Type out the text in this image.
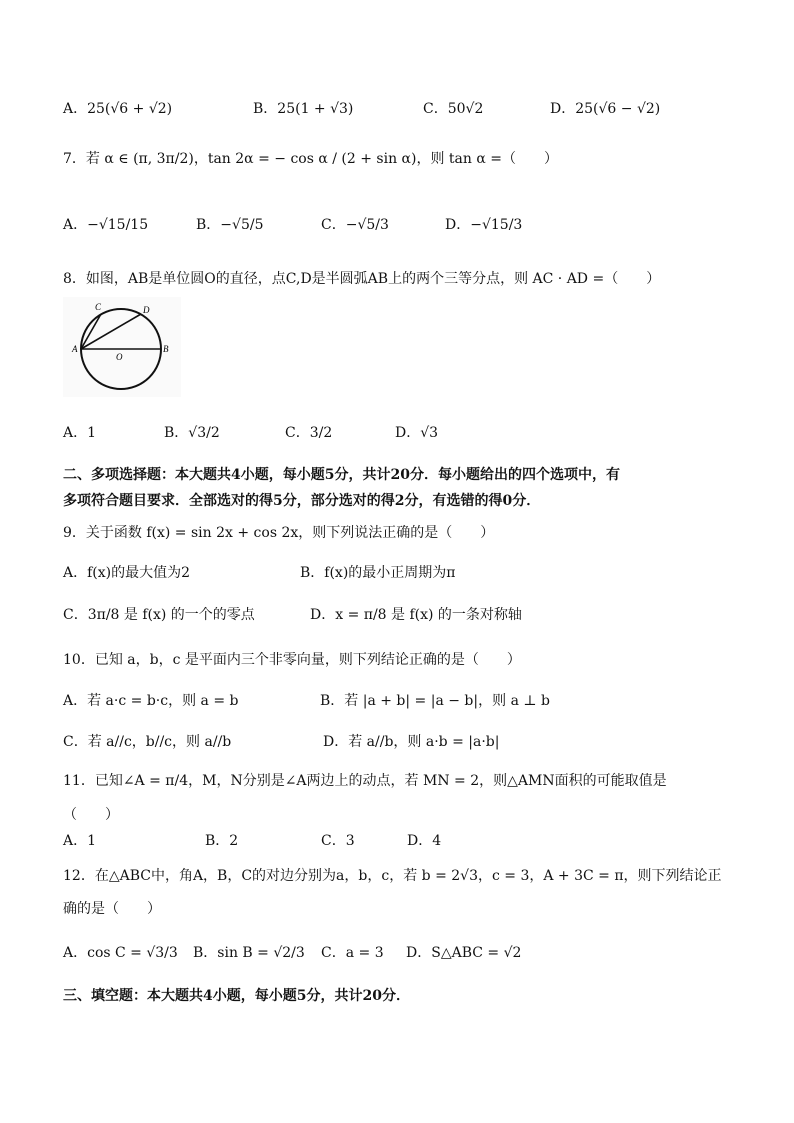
A．25(√6 + √2)	B．25(1 + √3)	C．50√2	D．25(√6 − √2)
7．若 α ∈ (π, 3π/2)，tan 2α = − cos α / (2 + sin α)，则 tan α =（　　）
A．−√15/15	B．−√5/5	C．−√5/3	D．−√15/3
8．如图，AB是单位圆O的直径，点C,D是半圆弧AB上的两个三等分点，则 AC · AD =（　　）
C	D
A
O
B
A．1	B．√3/2	C．3/2	D．√3
二、多项选择题：本大题共4小题，每小题5分，共计20分．每小题给出的四个选项中，有
多项符合题目要求．全部选对的得5分，部分选对的得2分，有选错的得0分．
9．关于函数 f(x) = sin 2x + cos 2x，则下列说法正确的是（　　）
A．f(x)的最大值为2	B．f(x)的最小正周期为π
C．3π/8 是 f(x) 的一个的零点	D．x = π/8 是 f(x) 的一条对称轴
10．已知 a，b，c 是平面内三个非零向量，则下列结论正确的是（　　）
A．若 a·c = b·c，则 a = b	B．若 |a + b| = |a − b|，则 a ⊥ b
C．若 a//c，b//c，则 a//b	D．若 a//b，则 a·b = |a·b|
11．已知∠A = π/4，M，N分别是∠A两边上的动点，若 MN = 2，则△AMN面积的可能取值是
（　　）
A．1	B．2	C．3	D．4
12．在△ABC中，角A，B，C的对边分别为a，b，c，若 b = 2√3，c = 3，A + 3C = π，则下列结论正
确的是（　　）
A．cos C = √3/3 B．sin B = √2/3 C．a = 3 D．S△ABC = √2
三、填空题：本大题共4小题，每小题5分，共计20分．
